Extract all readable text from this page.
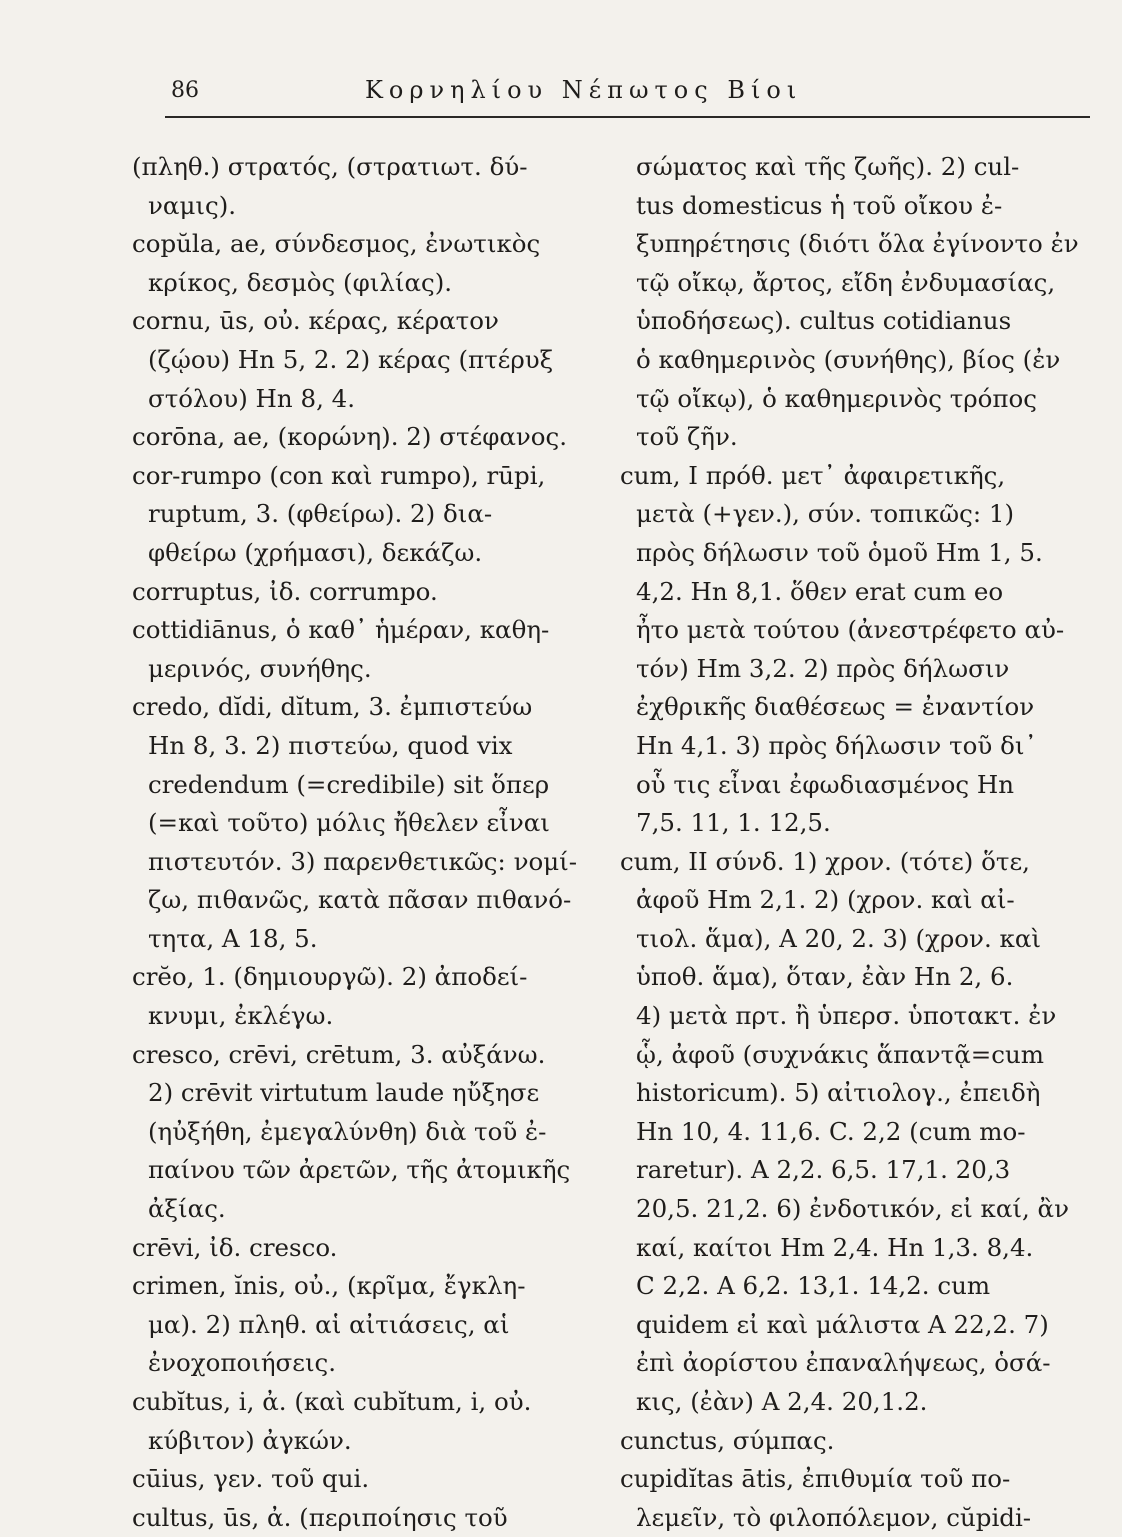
86	Κορνηλίου Νέπωτος Βίοι
(πληθ.) στρατός, (στρατιωτ. δύ-
ναμις).
copŭla, ae, σύνδεσμος, ἐνωτικὸς
κρίκος, δεσμὸς (φιλίας).
cornu, ūs, οὐ. κέρας, κέρατον
(ζῴου) Hn 5, 2. 2) κέρας (πτέρυξ
στόλου) Hn 8, 4.
corōna, ae, (κορώνη). 2) στέφανος.
cor-rumpo (con καὶ rumpo), rūpi,
ruptum, 3. (φθείρω). 2) δια-
φθείρω (χρήμασι), δεκάζω.
corruptus, ἰδ. corrumpo.
cottidiānus, ὁ καθ᾽ ἡμέραν, καθη-
μερινός, συνήθης.
credo, dĭdi, dĭtum, 3. ἐμπιστεύω
Hn 8, 3. 2) πιστεύω, quod vix
credendum (=credibile) sit ὅπερ
(=καὶ τοῦτο) μόλις ἤθελεν εἶναι
πιστευτόν. 3) παρενθετικῶς: νομί-
ζω, πιθανῶς, κατὰ πᾶσαν πιθανό-
τητα, A 18, 5.
crĕo, 1. (δημιουργῶ). 2) ἀποδεί-
κνυμι, ἐκλέγω.
cresco, crēvi, crētum, 3. αὐξάνω.
2) crēvit virtutum laude ηὔξησε
(ηὐξήθη, ἐμεγαλύνθη) διὰ τοῦ ἐ-
παίνου τῶν ἀρετῶν, τῆς ἀτομικῆς
ἀξίας.
crēvi, ἰδ. cresco.
crimen, ĭnis, οὐ., (κρῖμα, ἔγκλη-
μα). 2) πληθ. αἱ αἰτιάσεις, αἱ
ἐνοχοποιήσεις.
cubĭtus, i, ἀ. (καὶ cubĭtum, i, οὐ.
κύβιτον) ἀγκών.
cūius, γεν. τοῦ qui.
cultus, ūs, ἀ. (περιποίησις τοῦ
σώματος καὶ τῆς ζωῆς). 2) cul-
tus domesticus ἡ τοῦ οἴκου ἐ-
ξυπηρέτησις (διότι ὅλα ἐγίνοντο ἐν
τῷ οἴκῳ, ἄρτος, εἴδη ἐνδυμασίας,
ὑποδήσεως). cultus cotidianus
ὁ καθημερινὸς (συνήθης), βίος (ἐν
τῷ οἴκῳ), ὁ καθημερινὸς τρόπος
τοῦ ζῆν.
cum, I πρόθ. μετ᾽ ἀφαιρετικῆς,
μετὰ (+γεν.), σύν. τοπικῶς: 1)
πρὸς δήλωσιν τοῦ ὁμοῦ Hm 1, 5.
4,2. Hn 8,1. ὅθεν erat cum eo
ἦτο μετὰ τούτου (ἀνεστρέφετο αὐ-
τόν) Hm 3,2. 2) πρὸς δήλωσιν
ἐχθρικῆς διαθέσεως = ἐναντίον
Hn 4,1. 3) πρὸς δήλωσιν τοῦ δι᾽
οὗ τις εἶναι ἐφωδιασμένος Hn
7,5. 11, 1. 12,5.
cum, II σύνδ. 1) χρον. (τότε) ὅτε,
ἀφοῦ Hm 2,1. 2) (χρον. καὶ αἰ-
τιολ. ἅμα), A 20, 2. 3) (χρον. καὶ
ὑποθ. ἅμα), ὅταν, ἐὰν Hn 2, 6.
4) μετὰ πρτ. ἢ ὑπερσ. ὑποτακτ. ἐν
ᾧ, ἀφοῦ (συχνάκις ἅπαντᾷ=cum
historicum). 5) αἰτιολογ., ἐπειδὴ
Hn 10, 4. 11,6. C. 2,2 (cum mo-
raretur). A 2,2. 6,5. 17,1. 20,3
20,5. 21,2. 6) ἐνδοτικόν, εἰ καί, ἂν
καί, καίτοι Hm 2,4. Hn 1,3. 8,4.
C 2,2. A 6,2. 13,1. 14,2. cum
quidem εἰ καὶ μάλιστα A 22,2. 7)
ἐπὶ ἀορίστου ἐπαναλήψεως, ὁσά-
κις, (ἐὰν) A 2,4. 20,1.2.
cunctus, σύμπας.
cupidĭtas ātis, ἐπιθυμία τοῦ πο-
λεμεῖν, τὸ φιλοπόλεμον, cŭpidi-
